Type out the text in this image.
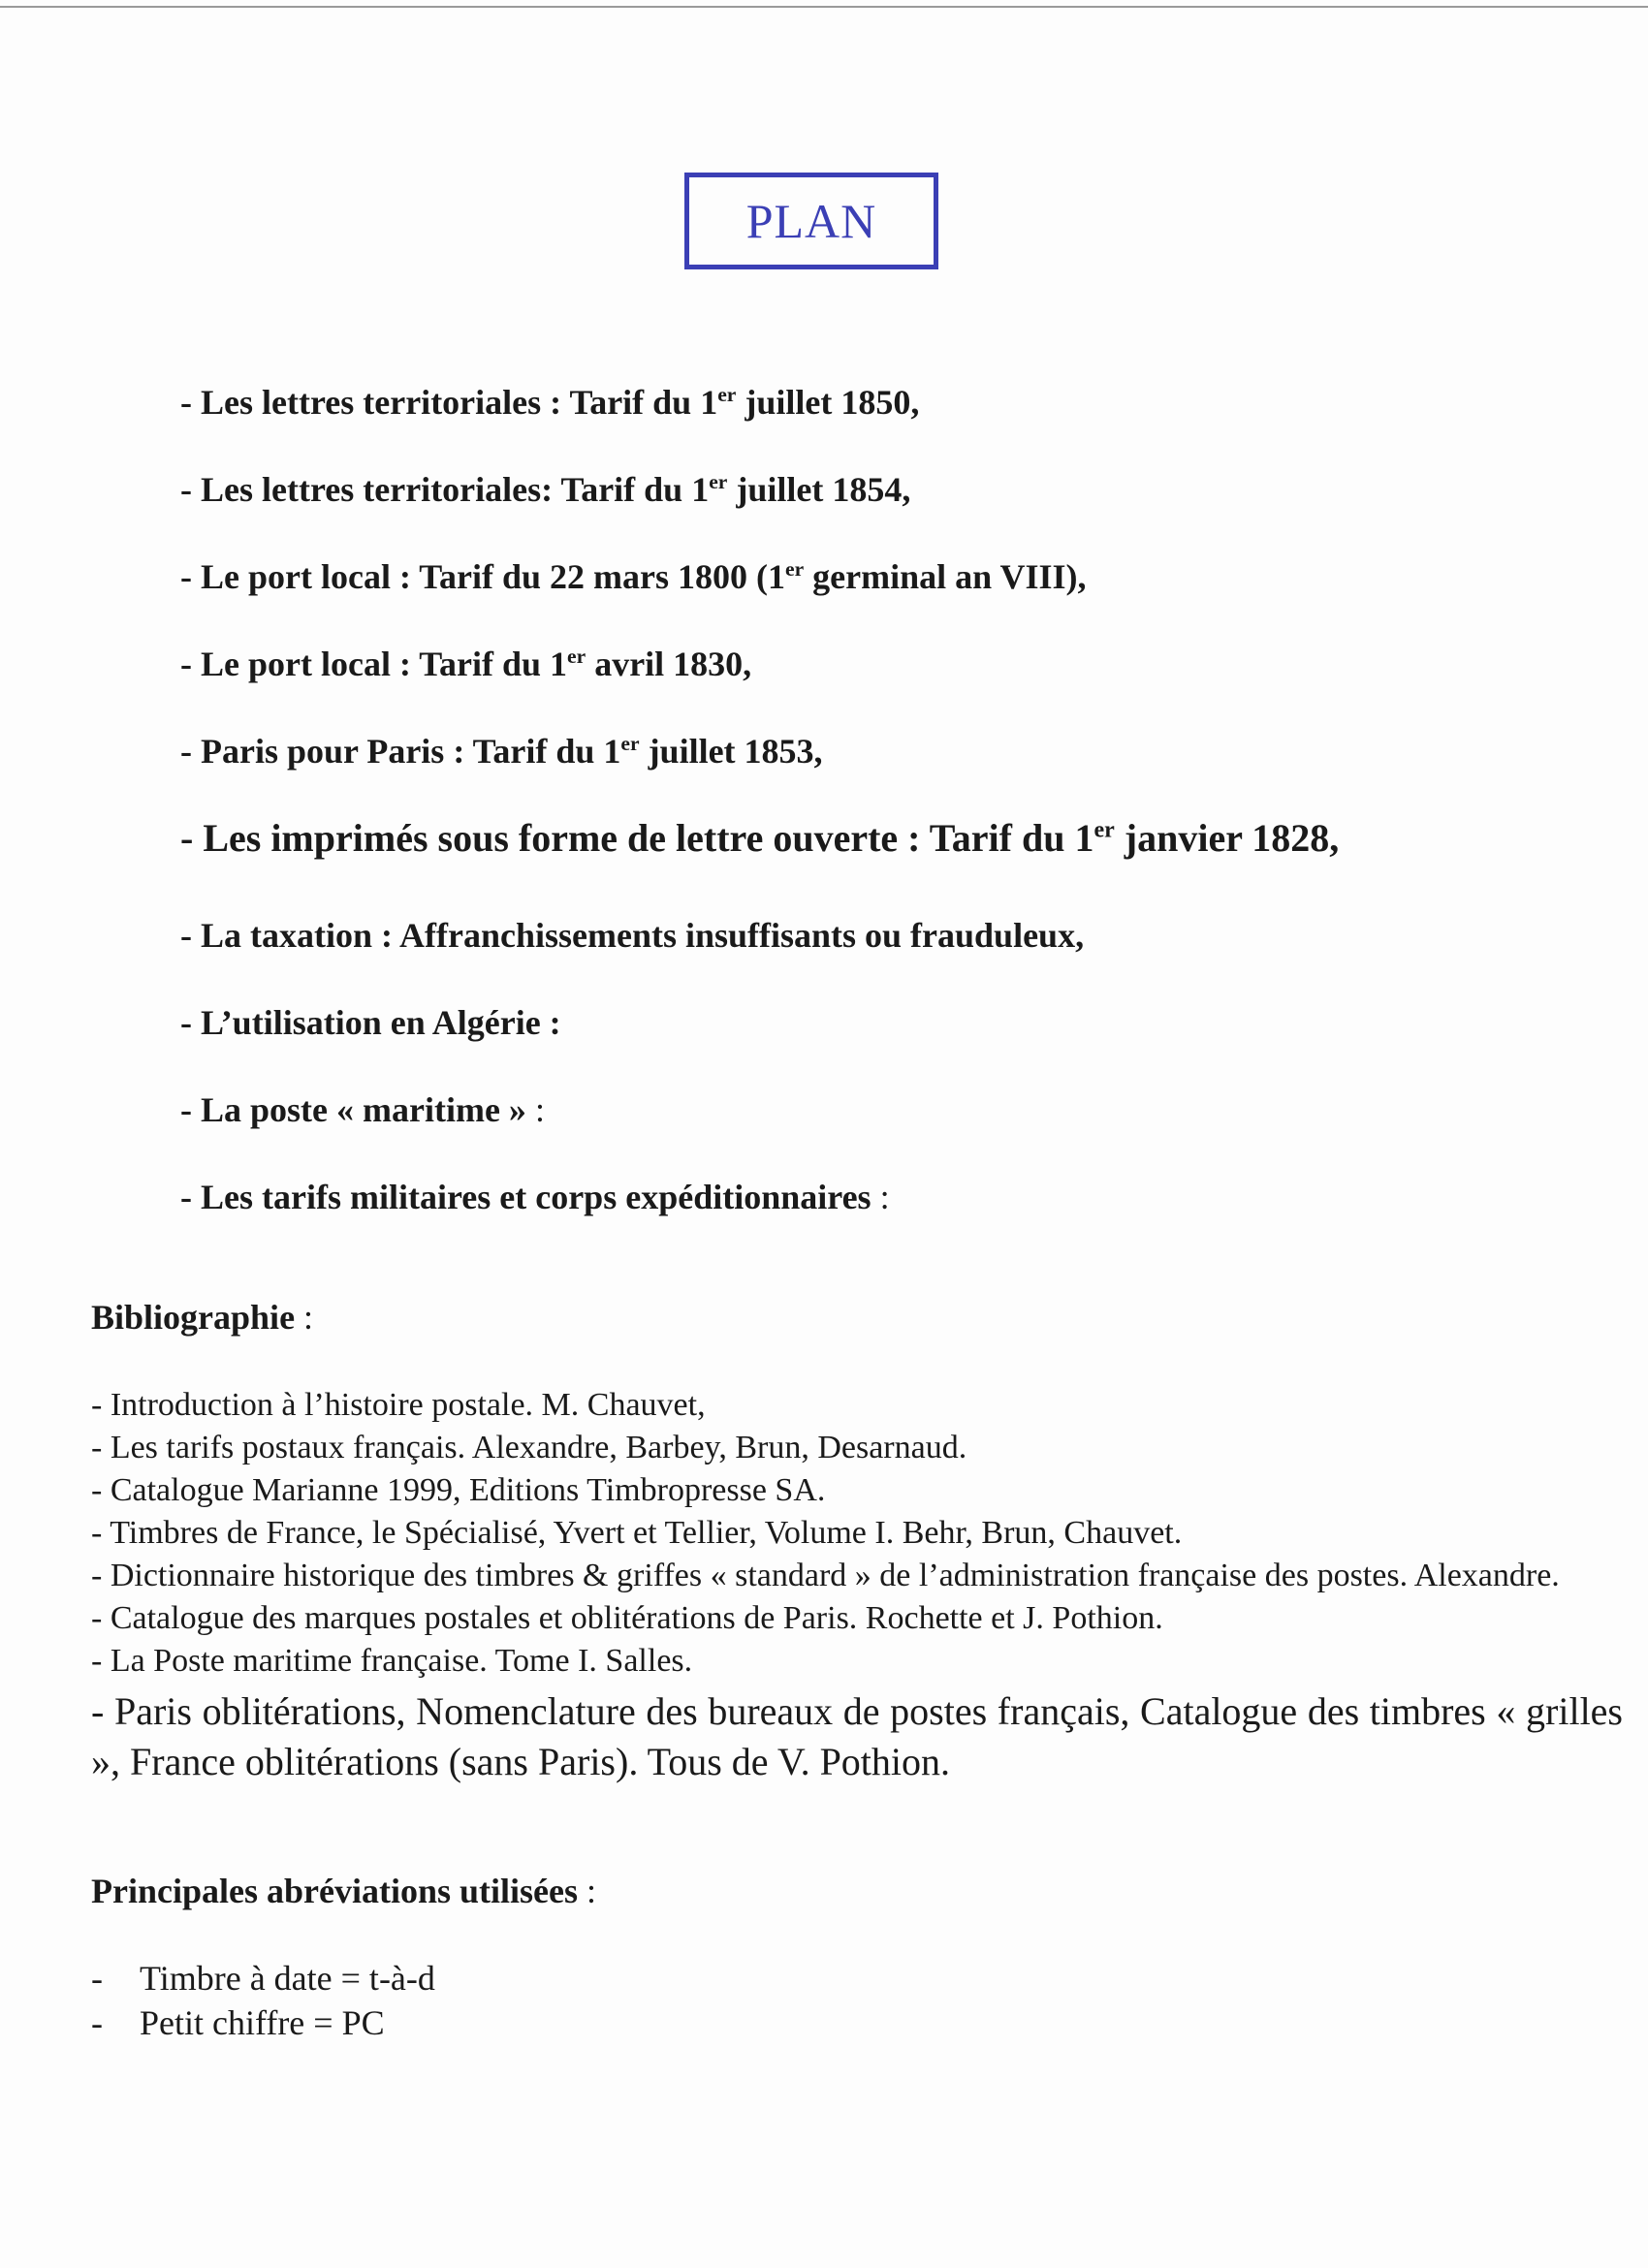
PLAN
- Les lettres territoriales : Tarif du 1er juillet 1850,
- Les lettres territoriales: Tarif du 1er juillet 1854,
- Le port local : Tarif du 22 mars 1800 (1er germinal an VIII),
- Le port local : Tarif du 1er avril 1830,
- Paris pour Paris : Tarif du 1er juillet 1853,
- Les imprimés sous forme de lettre ouverte : Tarif du 1er janvier 1828,
- La taxation : Affranchissements insuffisants ou frauduleux,
- L’utilisation en Algérie :
- La poste « maritime » :
- Les tarifs militaires et corps expéditionnaires :
Bibliographie :
- Introduction à l’histoire postale. M. Chauvet,
- Les tarifs postaux français. Alexandre, Barbey, Brun, Desarnaud.
- Catalogue Marianne 1999, Editions Timbropresse SA.
- Timbres de France, le Spécialisé, Yvert et Tellier, Volume I. Behr, Brun, Chauvet.
- Dictionnaire historique des timbres & griffes « standard » de l’administration française des postes. Alexandre.
- Catalogue des marques postales et oblitérations de Paris. Rochette et J. Pothion.
- La Poste maritime française. Tome I. Salles.
- Paris oblitérations, Nomenclature des bureaux de postes français, Catalogue des timbres « grilles », France oblitérations (sans Paris). Tous de V. Pothion.
Principales abréviations utilisées :
- Timbre à date = t-à-d
- Petit chiffre = PC
